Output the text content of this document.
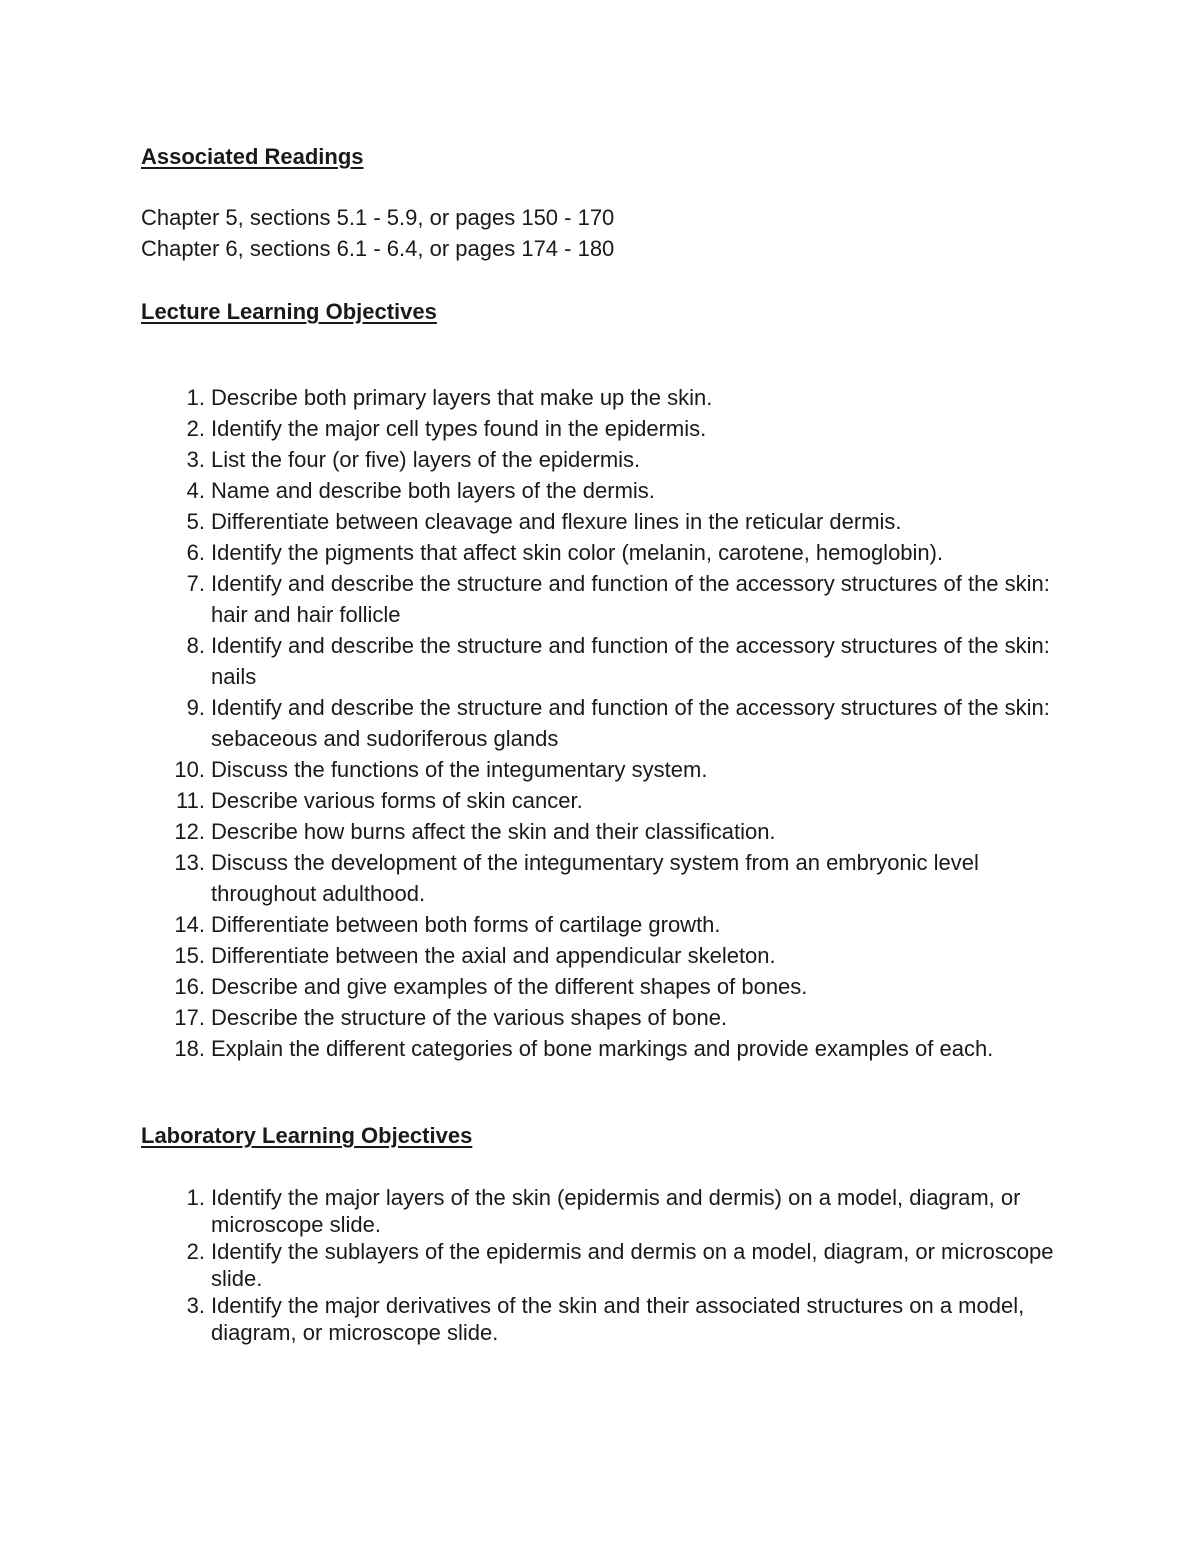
Associated Readings

Chapter 5, sections 5.1 - 5.9, or pages 150 - 170

Chapter 6, sections 6.1 - 6.4, or pages 174 - 180

Lecture Learning Objectives
1. Describe both primary layers that make up the skin.
2. Identify the major cell types found in the epidermis.
3. List the four (or five) layers of the epidermis.
4. Name and describe both layers of the dermis.
5. Differentiate between cleavage and flexure lines in the reticular dermis.
6. Identify the pigments that affect skin color (melanin, carotene, hemoglobin).
7. Identify and describe the structure and function of the accessory structures of the skin: hair and hair follicle
8. Identify and describe the structure and function of the accessory structures of the skin: nails
9. Identify and describe the structure and function of the accessory structures of the skin: sebaceous and sudoriferous glands
10. Discuss the functions of the integumentary system.
11. Describe various forms of skin cancer.
12. Describe how burns affect the skin and their classification.
13. Discuss the development of the integumentary system from an embryonic level throughout adulthood.
14. Differentiate between both forms of cartilage growth.
15. Differentiate between the axial and appendicular skeleton.
16. Describe and give examples of the different shapes of bones.
17. Describe the structure of the various shapes of bone.
18. Explain the different categories of bone markings and provide examples of each.
Laboratory Learning Objectives
1. Identify the major layers of the skin (epidermis and dermis) on a model, diagram, or microscope slide.
2. Identify the sublayers of the epidermis and dermis on a model, diagram, or microscope slide.
3. Identify the major derivatives of the skin and their associated structures on a model, diagram, or microscope slide.
